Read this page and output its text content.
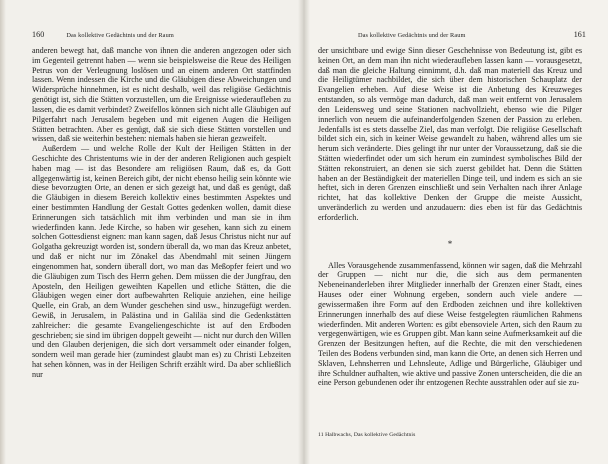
160	Das kollektive Gedächtnis und der Raum

anderen bewegt hat, daß manche von ihnen die anderen angezogen oder sich im Gegenteil getrennt haben — wenn sie beispielsweise die Reue des Heiligen Petrus von der Verleugnung loslösen und an einem anderen Ort stattfinden lassen. Wenn indessen die Kirche und die Gläubigen diese Abweichungen und Widersprüche hinnehmen, ist es nicht deshalb, weil das religiöse Gedächtnis genötigt ist, sich die Stätten vorzustellen, um die Ereignisse wiederaufleben zu lassen, die es damit verbindet? Zweifellos können sich nicht alle Gläubigen auf Pilgerfahrt nach Jerusalem begeben und mit eigenen Augen die Heiligen Stätten betrachten. Aber es genügt, daß sie sich diese Stätten vorstellen und wissen, daß sie weiterhin bestehen: niemals haben sie hieran gezweifelt.

Außerdem — und welche Rolle der Kult der Heiligen Stätten in der Geschichte des Christentums wie in der der anderen Religionen auch gespielt haben mag — ist das Besondere am religiösen Raum, daß es, da Gott allgegenwärtig ist, keinen Bereich gibt, der nicht ebenso heilig sein könnte wie diese bevorzugten Orte, an denen er sich gezeigt hat, und daß es genügt, daß die Gläubigen in diesem Bereich kollektiv eines bestimmten Aspektes und einer bestimmten Handlung der Gestalt Gottes gedenken wollen, damit diese Erinnerungen sich tatsächlich mit ihm verbinden und man sie in ihm wiederfinden kann. Jede Kirche, so haben wir gesehen, kann sich zu einem solchen Gottesdienst eignen: man kann sagen, daß Jesus Christus nicht nur auf Golgatha gekreuzigt worden ist, sondern überall da, wo man das Kreuz anbetet, und daß er nicht nur im Zönakel das Abendmahl mit seinen Jüngern eingenommen hat, sondern überall dort, wo man das Meßopfer feiert und wo die Gläubigen zum Tisch des Herrn gehen. Dem müssen die der Jungfrau, den Aposteln, den Heiligen geweihten Kapellen und etliche Stätten, die die Gläubigen wegen einer dort aufbewahrten Reliquie anziehen, eine heilige Quelle, ein Grab, an dem Wunder geschehen sind usw., hinzugefügt werden. Gewiß, in Jerusalem, in Palästina und in Galiläa sind die Gedenkstätten zahlreicher: die gesamte Evangeliengeschichte ist auf den Erdboden geschrieben; sie sind im übrigen doppelt geweiht — nicht nur durch den Willen und den Glauben derjenigen, die sich dort versammelt oder einander folgen, sondern weil man gerade hier (zumindest glaubt man es) zu Christi Lebzeiten hat sehen können, was in der Heiligen Schrift erzählt wird. Da aber schließlich nur

Das kollektive Gedächtnis und der Raum	161

der unsichtbare und ewige Sinn dieser Geschehnisse von Bedeutung ist, gibt es keinen Ort, an dem man ihn nicht wiederaufleben lassen kann — vorausgesetzt, daß man die gleiche Haltung einnimmt, d.h. daß man materiell das Kreuz und die Heiligtümer nachbildet, die sich über dem historischen Schauplatz der Evangelien erheben. Auf diese Weise ist die Anbetung des Kreuzweges entstanden, so als vermöge man dadurch, daß man weit entfernt von Jerusalem den Leidensweg und seine Stationen nachvollzieht, ebenso wie die Pilger innerlich von neuem die aufeinanderfolgenden Szenen der Passion zu erleben. Jedenfalls ist es stets dasselbe Ziel, das man verfolgt. Die religiöse Gesellschaft bildet sich ein, sich in keiner Weise gewandelt zu haben, während alles um sie herum sich veränderte. Dies gelingt ihr nur unter der Voraussetzung, daß sie die Stätten wiederfindet oder um sich herum ein zumindest symbolisches Bild der Stätten rekonstruiert, an denen sie sich zuerst gebildet hat. Denn die Stätten haben an der Beständigkeit der materiellen Dinge teil, und indem es sich an sie heftet, sich in deren Grenzen einschließt und sein Verhalten nach ihrer Anlage richtet, hat das kollektive Denken der Gruppe die meiste Aussicht, unveränderlich zu werden und anzudauern: dies eben ist für das Gedächtnis erforderlich.

*

Alles Vorausgehende zusammenfassend, können wir sagen, daß die Mehrzahl der Gruppen — nicht nur die, die sich aus dem permanenten Nebeneinanderleben ihrer Mitglieder innerhalb der Grenzen einer Stadt, eines Hauses oder einer Wohnung ergeben, sondern auch viele andere — gewissermaßen ihre Form auf den Erdboden zeichnen und ihre kollektiven Erinnerungen innerhalb des auf diese Weise festgelegten räumlichen Rahmens wiederfinden. Mit anderen Worten: es gibt ebensoviele Arten, sich den Raum zu vergegenwärtigen, wie es Gruppen gibt. Man kann seine Aufmerksamkeit auf die Grenzen der Besitzungen heften, auf die Rechte, die mit den verschiedenen Teilen des Bodens verbunden sind, man kann die Orte, an denen sich Herren und Sklaven, Lehnsherren und Lehnsleute, Adlige und Bürgerliche, Gläubiger und ihre Schuldner aufhalten, wie aktive und passive Zonen unterscheiden, die die an eine Person gebundenen oder ihr entzogenen Rechte ausstrahlen oder auf sie zu-

11 Halbwachs, Das kollektive Gedächtnis
